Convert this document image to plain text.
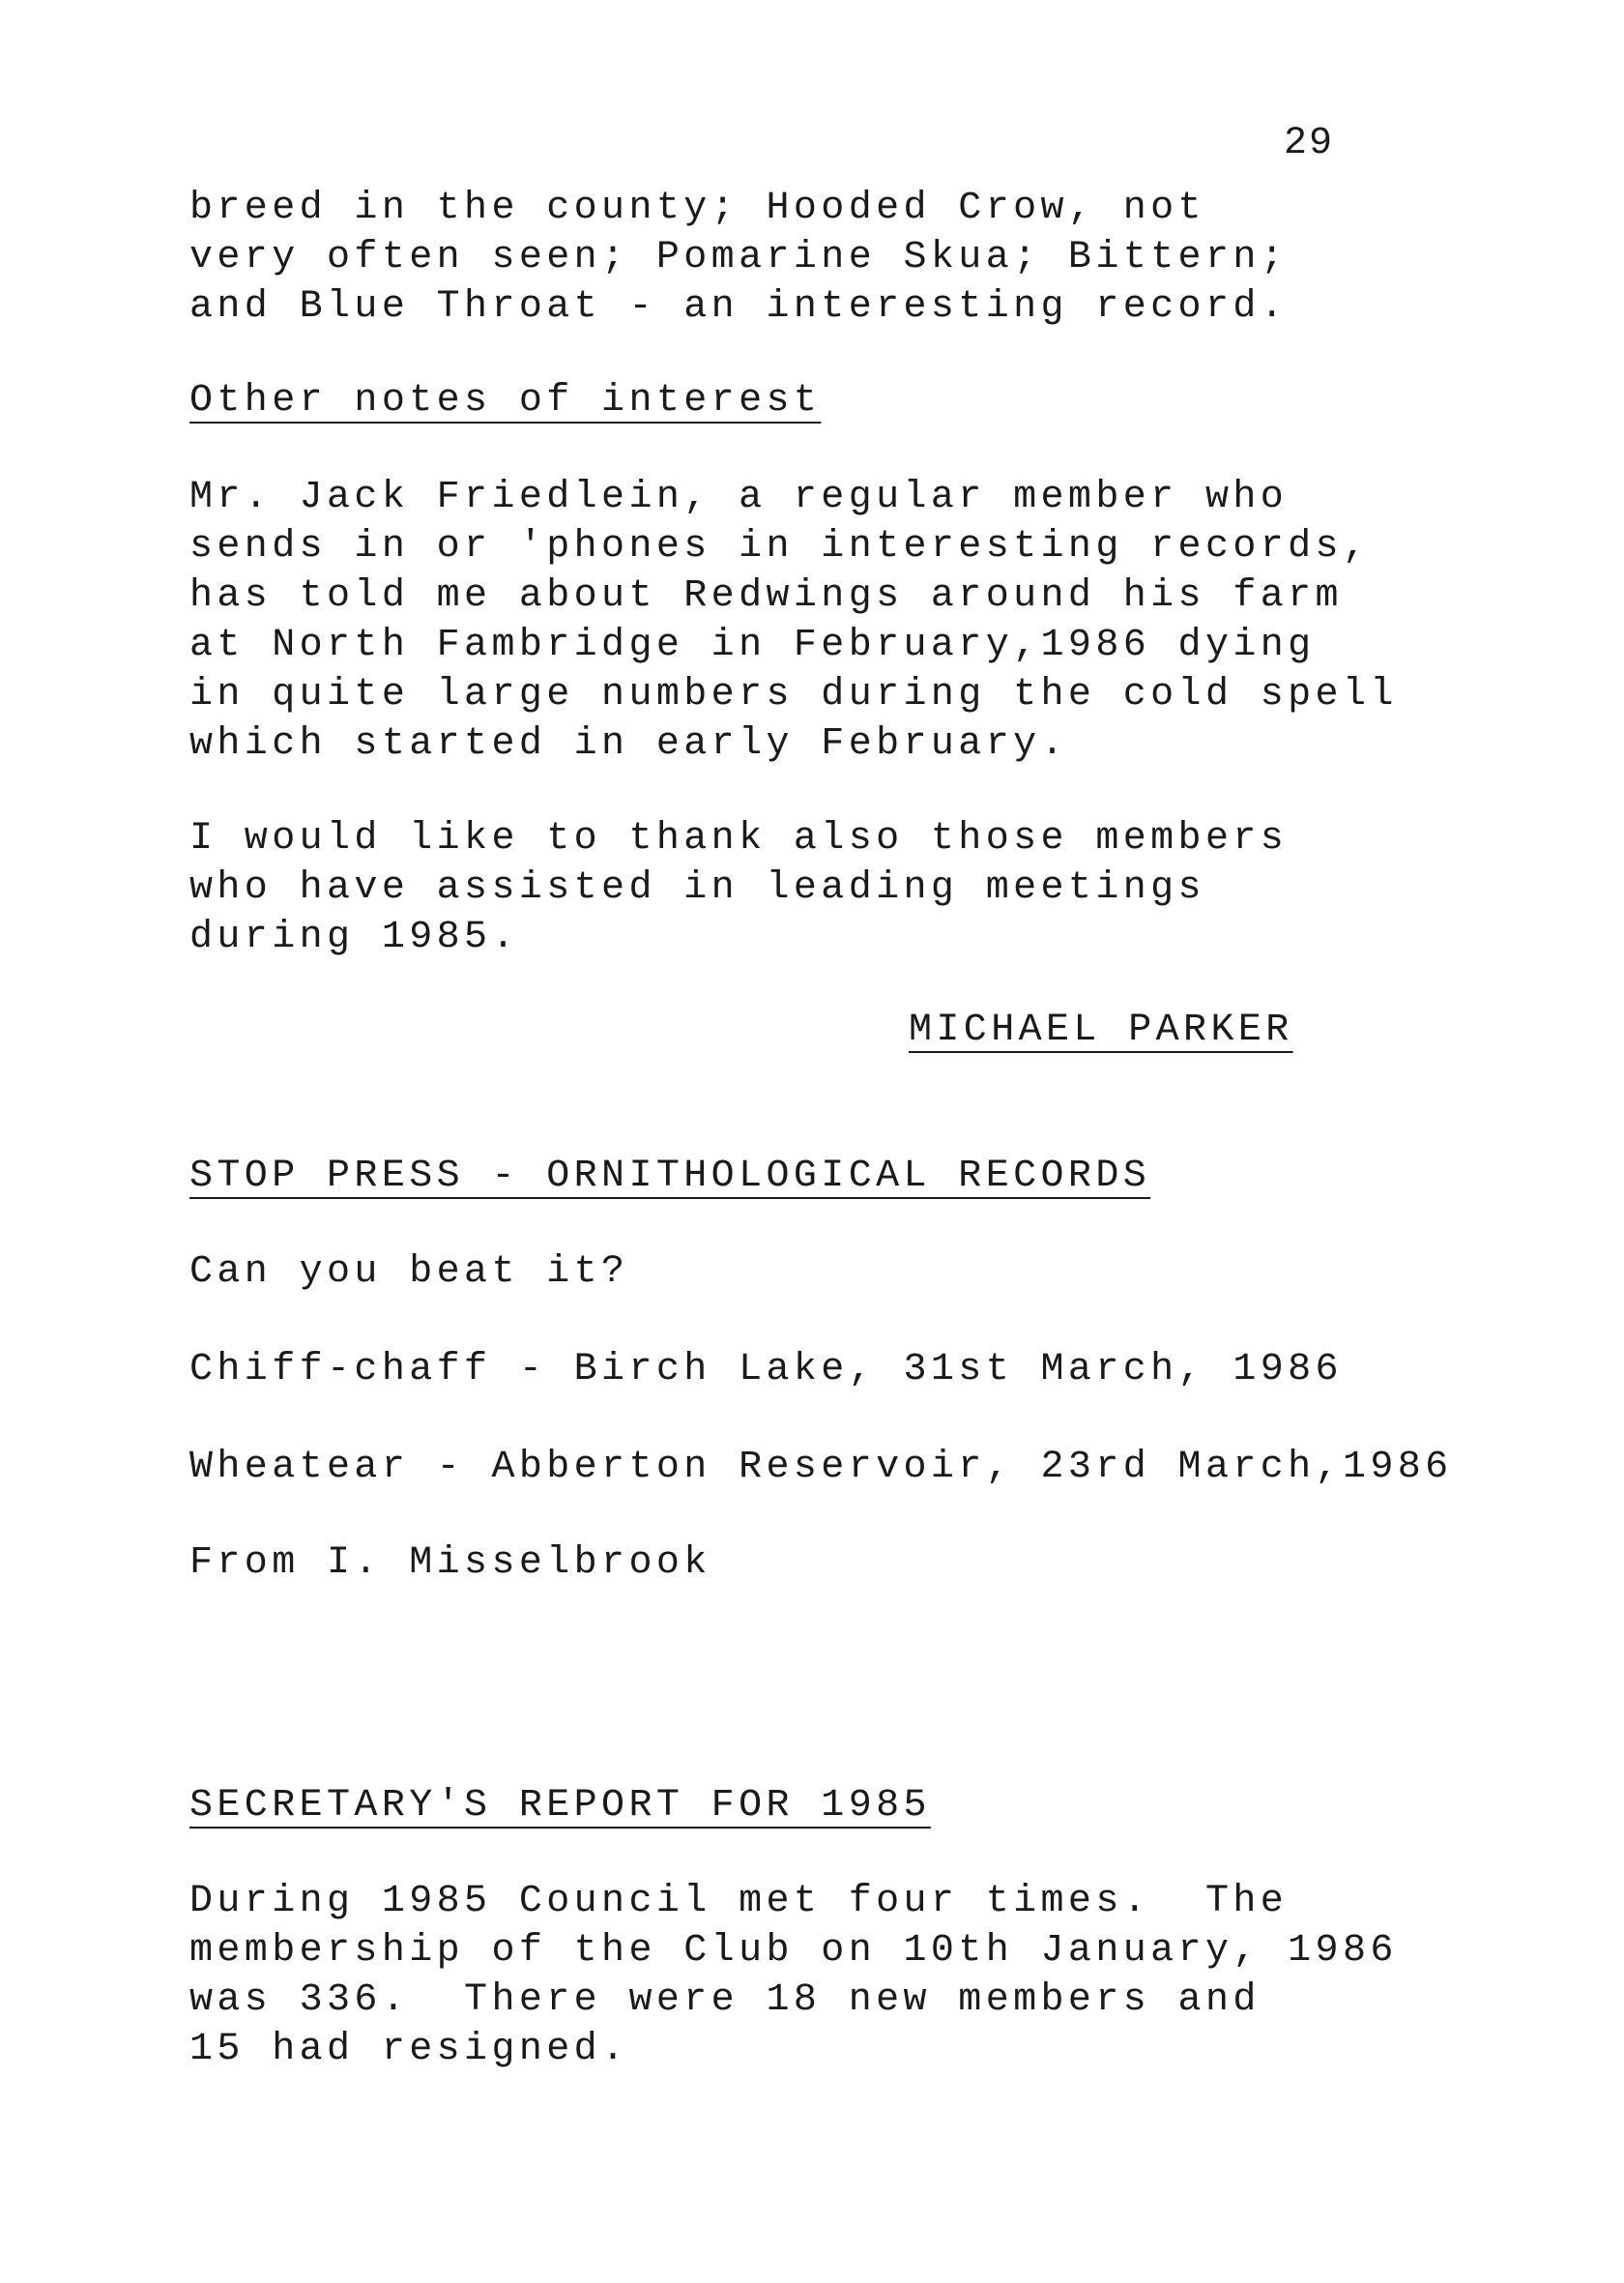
29
breed in the county; Hooded Crow, not
very often seen; Pomarine Skua; Bittern;
and Blue Throat - an interesting record.
Other notes of interest
Mr. Jack Friedlein, a regular member who
sends in or 'phones in interesting records,
has told me about Redwings around his farm
at North Fambridge in February,1986 dying
in quite large numbers during the cold spell
which started in early February.
I would like to thank also those members
who have assisted in leading meetings
during 1985.
MICHAEL PARKER
STOP PRESS - ORNITHOLOGICAL RECORDS
Can you beat it?
Chiff-chaff - Birch Lake, 31st March, 1986
Wheatear - Abberton Reservoir, 23rd March,1986
From I. Misselbrook
SECRETARY'S REPORT FOR 1985
During 1985 Council met four times.  The
membership of the Club on 10th January, 1986
was 336.  There were 18 new members and
15 had resigned.
